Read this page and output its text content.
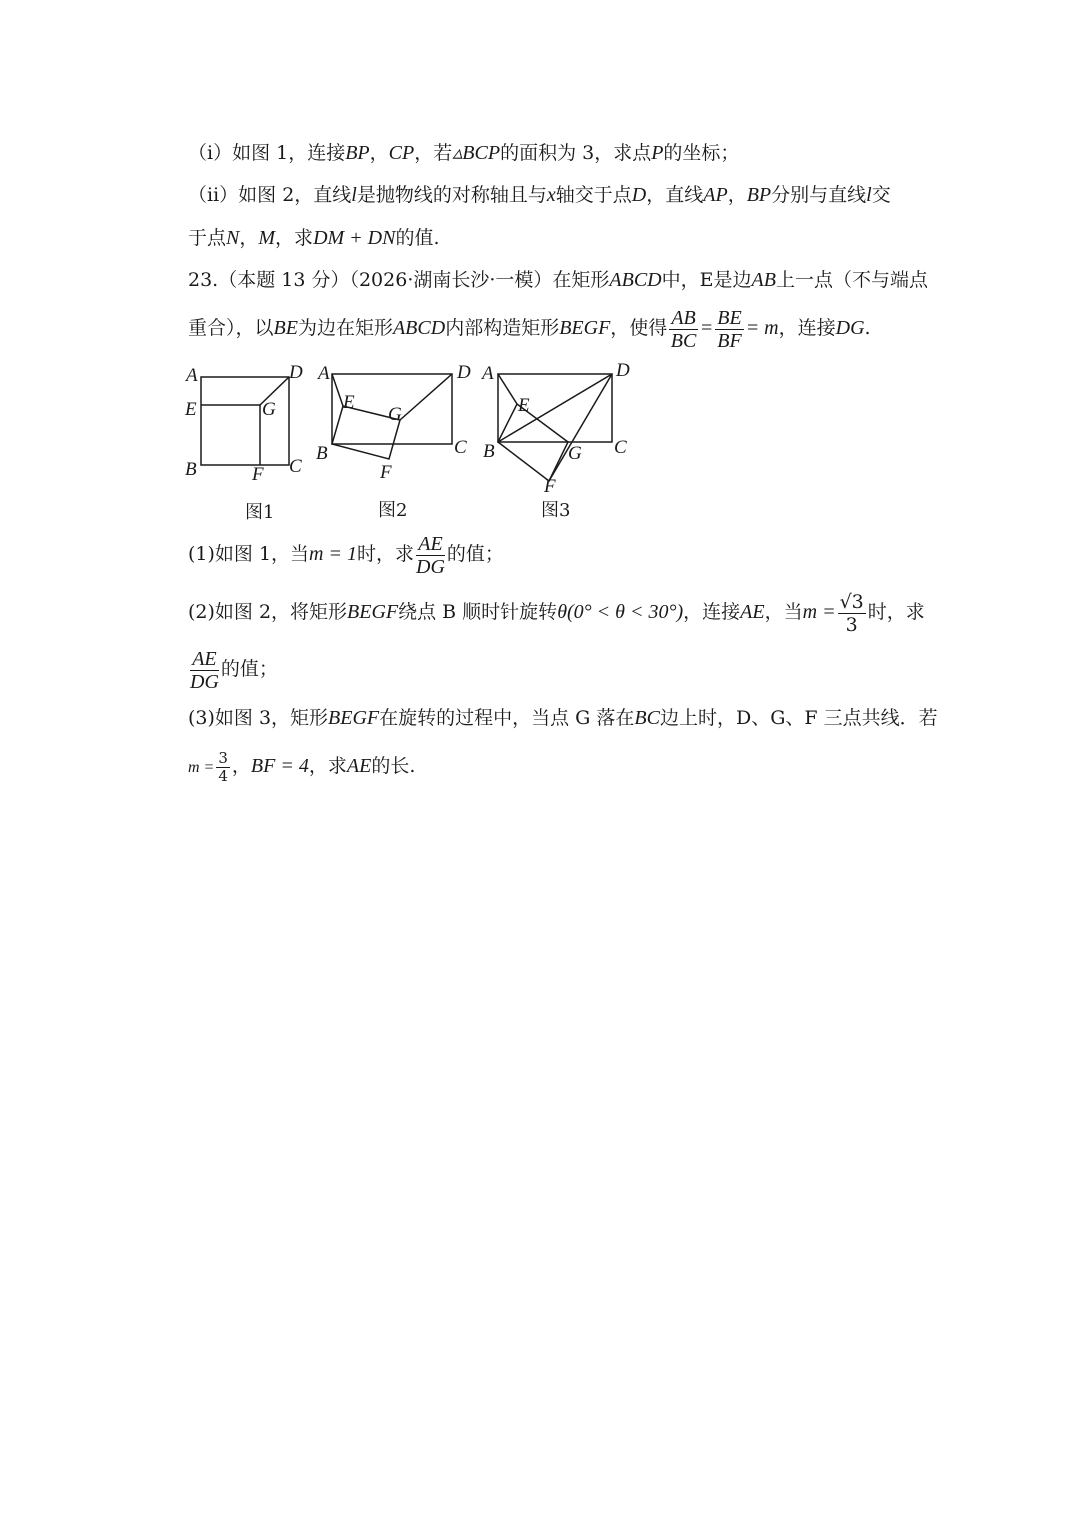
（ⅰ）如图 1，连接BP，CP，若▵BCP的面积为 3，求点P的坐标；
（ⅱ）如图 2，直线l是抛物线的对称轴且与x轴交于点D，直线AP，BP分别与直线l交
于点N，M，求DM + DN的值.
23.（本题 13 分）（2026·湖南长沙·一模）在矩形ABCD中，E是边AB上一点（不与端点
重合），以BE为边在矩形ABCD内部构造矩形BEGF，使得 $\frac{AB}{BC} = \frac{BE}{BF} = m$，连接DG.
A	D
E	G
B	F C
图1
A	D
E
G
B
F
C
图2
A	D
E
G
B
F
C
图3
(1)如图 1，当m = 1时，求 $\frac{AE}{DG}$ 的值；
(2)如图 2，将矩形BEGF绕点 B 顺时针旋转θ(0° < θ < 30°)，连接AE，当$m = \frac{√3}{3}$ 时，求
$\frac{AE}{DG}$ 的值；
(3)如图 3，矩形BEGF在旋转的过程中，当点 G 落在BC边上时，D、G、F 三点共线．若
$m = \frac{3}{4}$ ，BF = 4，求AE的长.
